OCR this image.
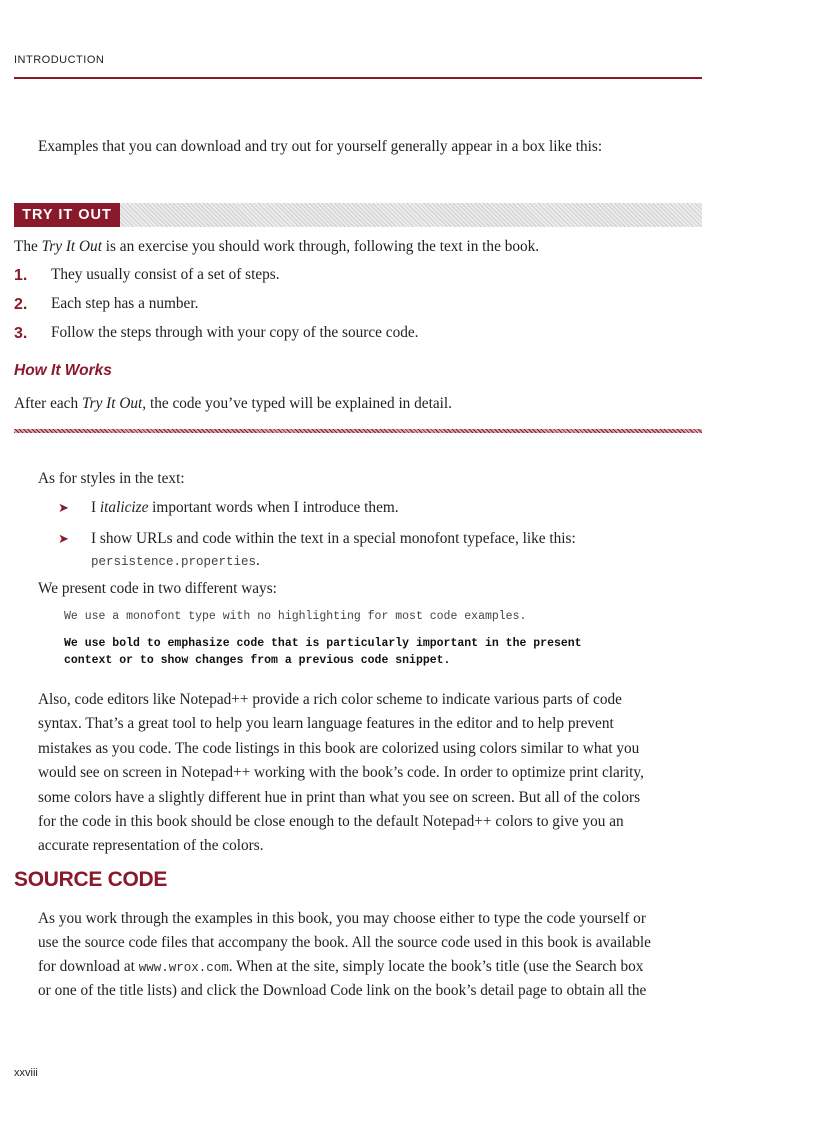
INTRODUCTION
Examples that you can download and try out for yourself generally appear in a box like this:
TRY IT OUT
The Try It Out is an exercise you should work through, following the text in the book.
1. They usually consist of a set of steps.
2. Each step has a number.
3. Follow the steps through with your copy of the source code.
How It Works
After each Try It Out, the code you’ve typed will be explained in detail.
As for styles in the text:
➤ I italicize important words when I introduce them.
➤ I show URLs and code within the text in a special monofont typeface, like this:
persistence.properties.
We present code in two different ways:
We use a monofont type with no highlighting for most code examples.
We use bold to emphasize code that is particularly important in the present
context or to show changes from a previous code snippet.
Also, code editors like Notepad++ provide a rich color scheme to indicate various parts of code
syntax. That’s a great tool to help you learn language features in the editor and to help prevent
mistakes as you code. The code listings in this book are colorized using colors similar to what you
would see on screen in Notepad++ working with the book’s code. In order to optimize print clarity,
some colors have a slightly different hue in print than what you see on screen. But all of the colors
for the code in this book should be close enough to the default Notepad++ colors to give you an
accurate representation of the colors.
SOURCE CODE
As you work through the examples in this book, you may choose either to type the code yourself or
use the source code files that accompany the book. All the source code used in this book is available
for download at www.wrox.com. When at the site, simply locate the book’s title (use the Search box
or one of the title lists) and click the Download Code link on the book’s detail page to obtain all the
xxviii
